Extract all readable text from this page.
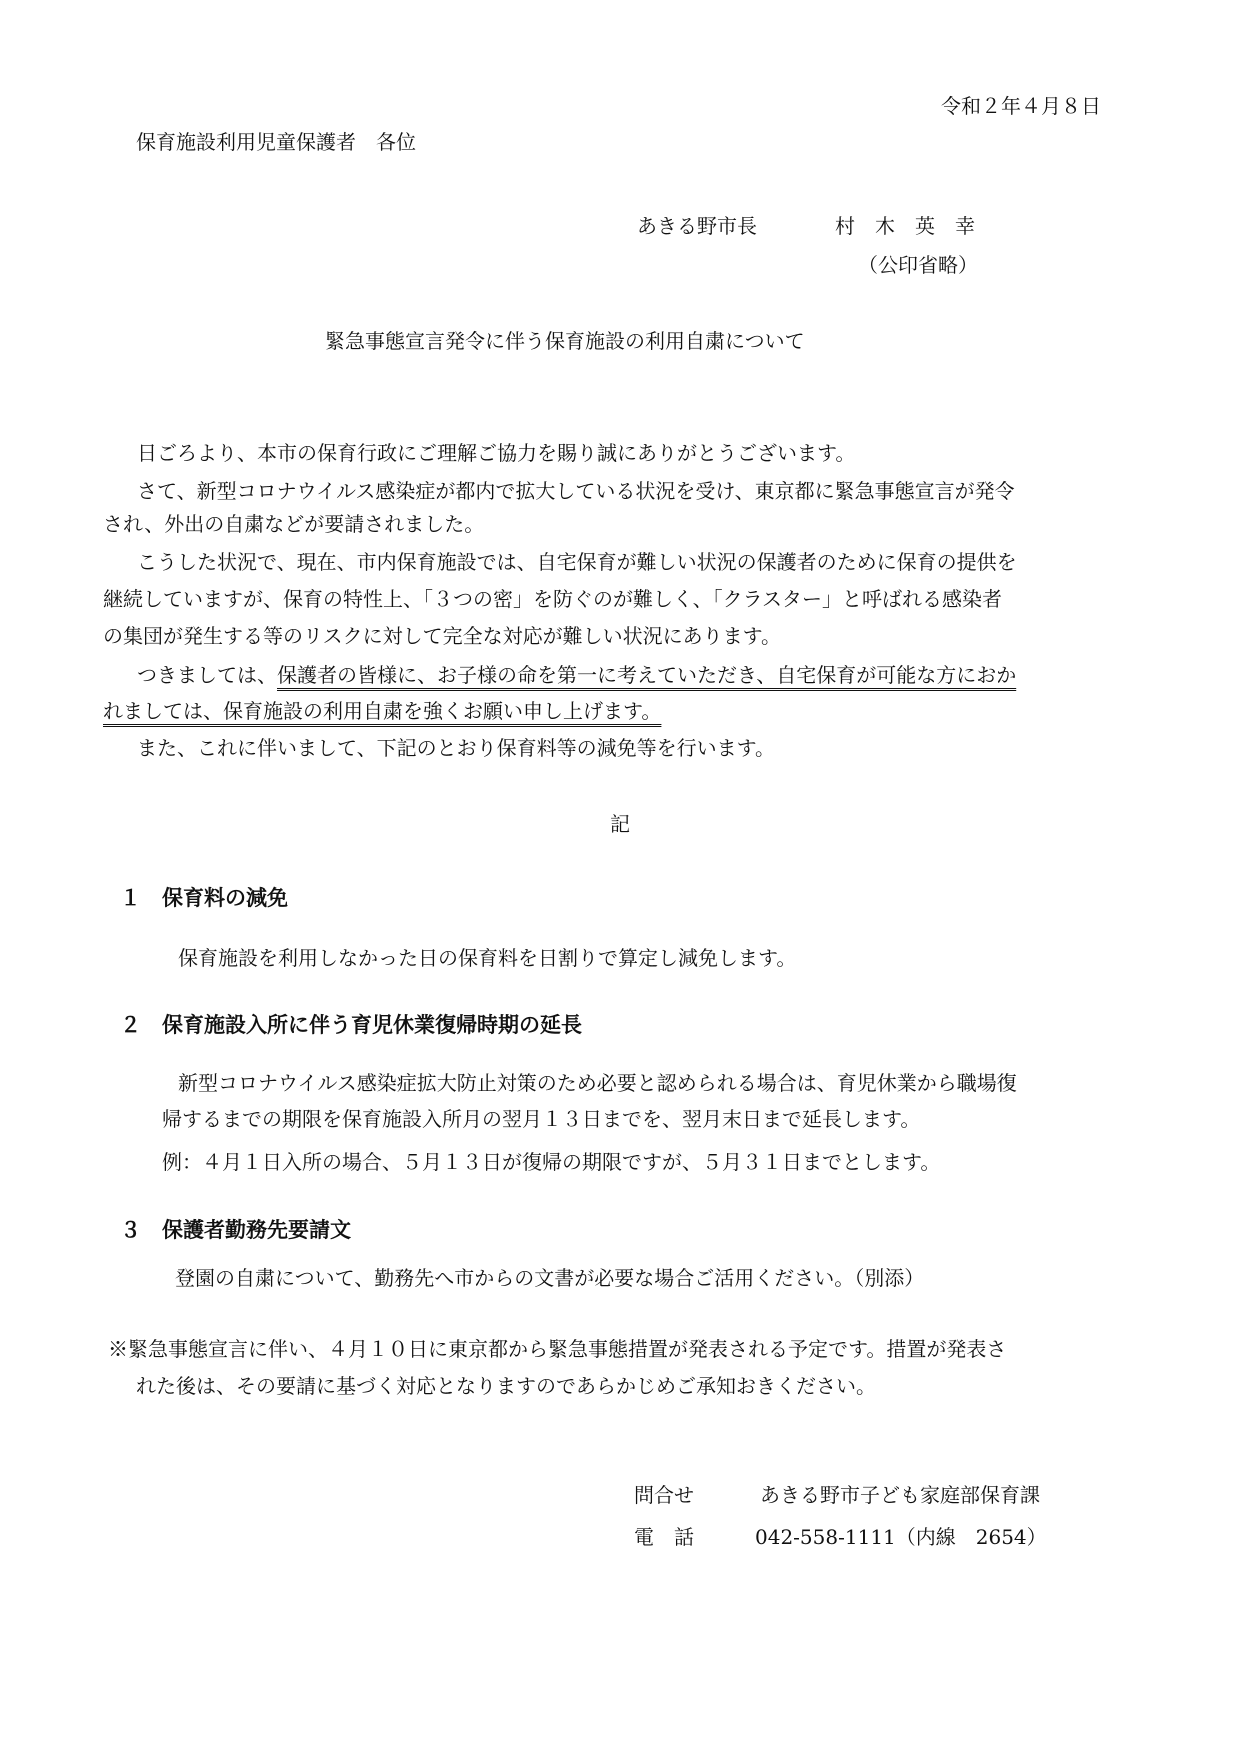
令和２年４月８日
保育施設利用児童保護者　各位
あきる野市長	村　木　英　幸
（公印省略）
緊急事態宣言発令に伴う保育施設の利用自粛について
日ごろより、本市の保育行政にご理解ご協力を賜り誠にありがとうございます。
さて、新型コロナウイルス感染症が都内で拡大している状況を受け、東京都に緊急事態宣言が発令
され、外出の自粛などが要請されました。
こうした状況で、現在、市内保育施設では、自宅保育が難しい状況の保護者のために保育の提供を
継続していますが、保育の特性上、「３つの密」を防ぐのが難しく、「クラスター」と呼ばれる感染者
の集団が発生する等のリスクに対して完全な対応が難しい状況にあります。
つきましては、保護者の皆様に、お子様の命を第一に考えていただき、自宅保育が可能な方におか
れましては、保育施設の利用自粛を強くお願い申し上げます。
また、これに伴いまして、下記のとおり保育料等の減免等を行います。
記
１ 保育料の減免
保育施設を利用しなかった日の保育料を日割りで算定し減免します。
２ 保育施設入所に伴う育児休業復帰時期の延長
新型コロナウイルス感染症拡大防止対策のため必要と認められる場合は、育児休業から職場復
帰するまでの期限を保育施設入所月の翌月１３日までを、翌月末日まで延長します。
例：４月１日入所の場合、５月１３日が復帰の期限ですが、５月３１日までとします。
３ 保護者勤務先要請文
登園の自粛について、勤務先へ市からの文書が必要な場合ご活用ください。（別添）
※緊急事態宣言に伴い、４月１０日に東京都から緊急事態措置が発表される予定です。措置が発表さ
れた後は、その要請に基づく対応となりますのであらかじめご承知おきください。
問合せ	あきる野市子ども家庭部保育課
電　話	042-558-1111（内線　2654）
